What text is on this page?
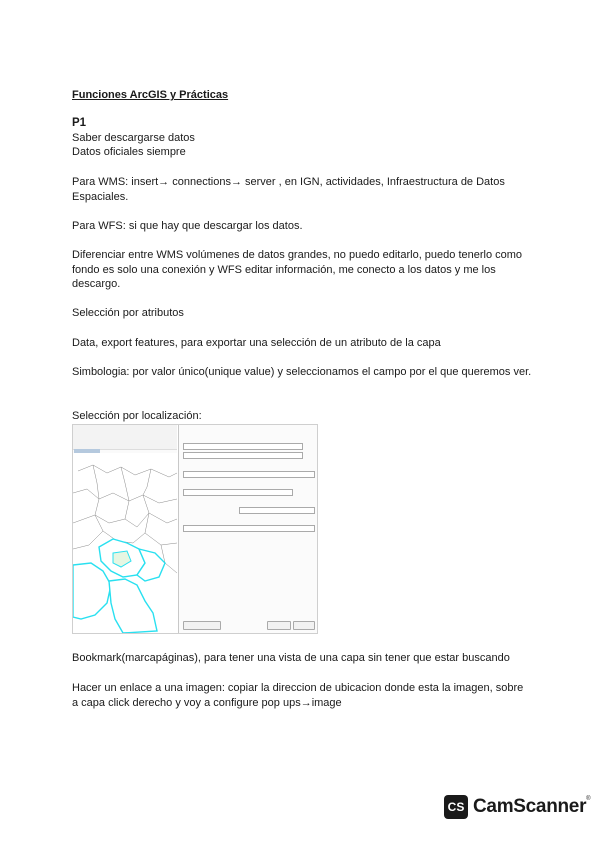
Funciones ArcGIS y Prácticas
P1
Saber descargarse datos
Datos oficiales siempre
Para WMS: insert→ connections→ server , en IGN, actividades, Infraestructura de Datos Espaciales.
Para WFS: si que hay que descargar los datos.
Diferenciar entre WMS volúmenes de datos grandes, no puedo editarlo, puedo tenerlo como fondo es solo una conexión y WFS editar información, me conecto a los datos y me los descargo.
Selección por atributos
Data, export features, para exportar una selección de un atributo de la capa
Simbologia: por valor único(unique value) y seleccionamos el campo por el que queremos ver.
Selección por localización:
Bookmark(marcapáginas), para tener una vista de una capa sin tener que estar buscando
Hacer un enlace a una imagen: copiar la direccion de ubicacion donde esta la imagen, sobre a capa click derecho y voy a configure pop ups→image
CS CamScanner®
